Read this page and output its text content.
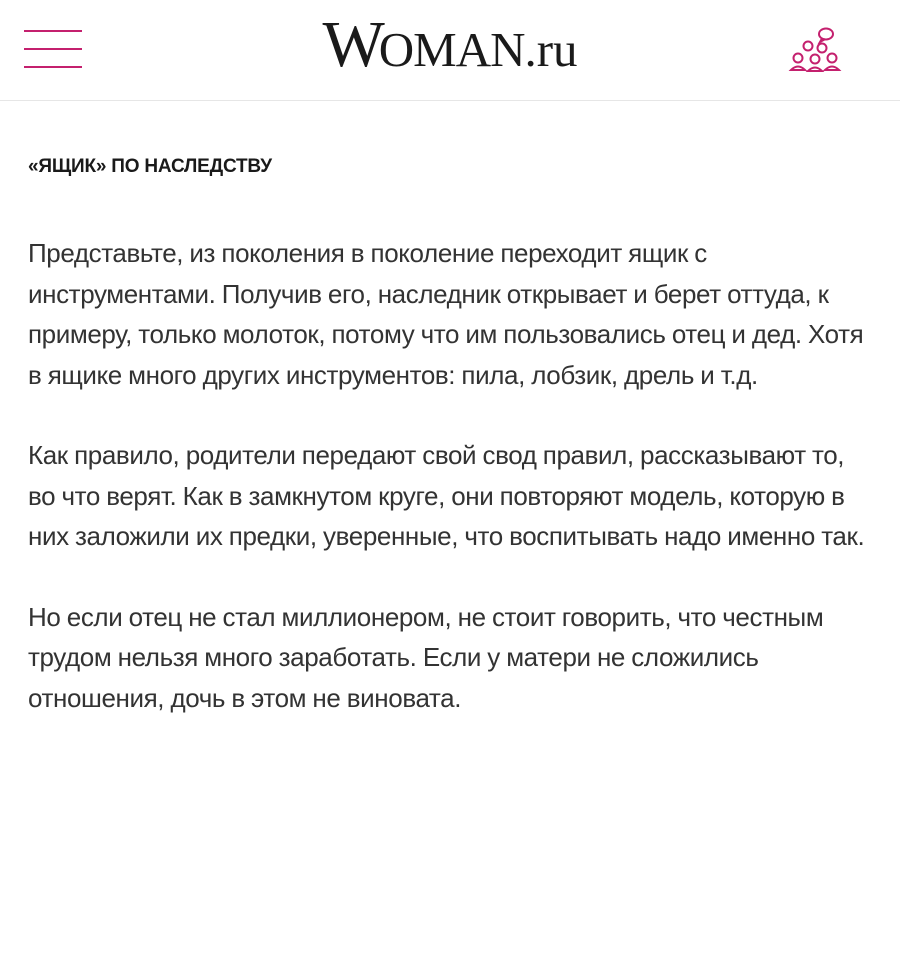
WOMAN.ru
«ЯЩИК» ПО НАСЛЕДСТВУ

Представьте, из поколения в поколение переходит ящик с инструментами. Получив его, наследник открывает и берет оттуда, к примеру, только молоток, потому что им пользовались отец и дед. Хотя в ящике много других инструментов: пила, лобзик, дрель и т.д.

Как правило, родители передают свой свод правил, рассказывают то, во что верят. Как в замкнутом круге, они повторяют модель, которую в них заложили их предки, уверенные, что воспитывать надо именно так.

Но если отец не стал миллионером, не стоит говорить, что честным трудом нельзя много заработать. Если у матери не сложились отношения, дочь в этом не виновата.
